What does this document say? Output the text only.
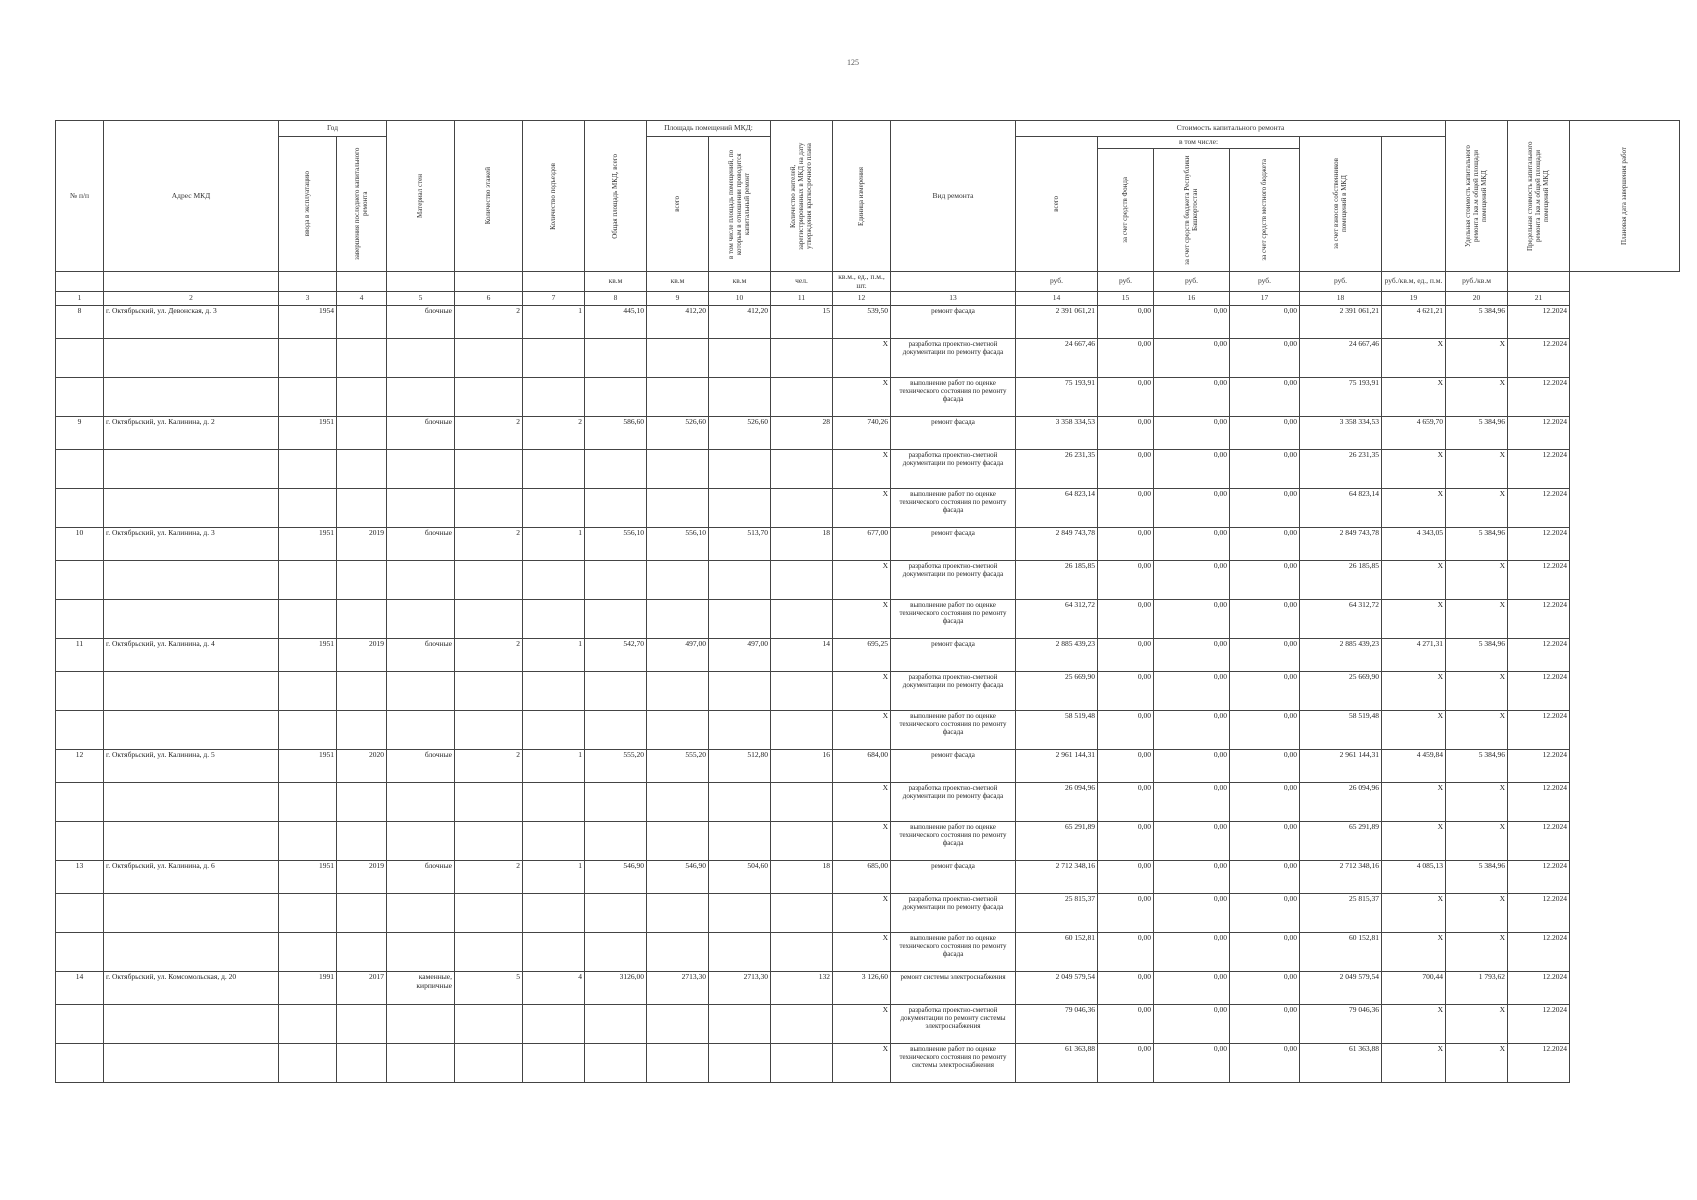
125
№ п/п	Адрес МКД	Год		Материал стен	Количество этажей	Количество подъездов	Общая площадь МКД, всего	Площадь помещений МКД:		Количество жителей, зарегистрированных в МКД на дату утверждения краткосрочного плана	Единица измерения	Вид ремонта	Стоимость капитального ремонта						Удельная стоимость капитального ремонта 1кв.м общей площади помещений МКД	Предельная стоимость капитального ремонта 1кв.м общей площади помещений МКД	Плановая дата завершения работ

		ввода в эксплуатацию	завершения последнего капитального ремонта					всего	в том числе площадь помещений, по которым в отношении проводится капитальный ремонт				всего	в том числе:			за счет взносов собственников помещений в МКД				

														за счет средств Фонда	за счет средств бюджета Республики Башкортостан	за счет средств местного бюджета					

							кв.м	кв.м	кв.м	чел.	кв.м., ед., п.м., шт.		руб.	руб.	руб.	руб.	руб.	руб./кв.м, ед., п.м.	руб./кв.м		
1	2	3	4	5	6	7	8	9	10	11	12	13	14	15	16	17	18	19	20	21	
8	г. Октябрьский, ул. Девонская, д. 3	1954		блочные	2	1	445,10	412,20	412,20	15	539,50	ремонт фасада	2 391 061,21	0,00	0,00	0,00	2 391 061,21	4 621,21	5 384,96	12.2024	
											X	разработка проектно-сметной документации по ремонту фасада	24 667,46	0,00	0,00	0,00	24 667,46	X	X	12.2024	
											X	выполнение работ по оценке технического состояния по ремонту фасада	75 193,91	0,00	0,00	0,00	75 193,91	X	X	12.2024	
9	г. Октябрьский, ул. Калинина, д. 2	1951		блочные	2	2	586,60	526,60	526,60	28	740,26	ремонт фасада	3 358 334,53	0,00	0,00	0,00	3 358 334,53	4 659,70	5 384,96	12.2024	
											X	разработка проектно-сметной документации по ремонту фасада	26 231,35	0,00	0,00	0,00	26 231,35	X	X	12.2024	
											X	выполнение работ по оценке технического состояния по ремонту фасада	64 823,14	0,00	0,00	0,00	64 823,14	X	X	12.2024	
10	г. Октябрьский, ул. Калинина, д. 3	1951	2019	блочные	2	1	556,10	556,10	513,70	18	677,00	ремонт фасада	2 849 743,78	0,00	0,00	0,00	2 849 743,78	4 343,05	5 384,96	12.2024	
											X	разработка проектно-сметной документации по ремонту фасада	26 185,85	0,00	0,00	0,00	26 185,85	X	X	12.2024	
											X	выполнение работ по оценке технического состояния по ремонту фасада	64 312,72	0,00	0,00	0,00	64 312,72	X	X	12.2024	
11	г. Октябрьский, ул. Калинина, д. 4	1951	2019	блочные	2	1	542,70	497,00	497,00	14	695,25	ремонт фасада	2 885 439,23	0,00	0,00	0,00	2 885 439,23	4 271,31	5 384,96	12.2024	
											X	разработка проектно-сметной документации по ремонту фасада	25 669,90	0,00	0,00	0,00	25 669,90	X	X	12.2024	
											X	выполнение работ по оценке технического состояния по ремонту фасада	58 519,48	0,00	0,00	0,00	58 519,48	X	X	12.2024	
12	г. Октябрьский, ул. Калинина, д. 5	1951	2020	блочные	2	1	555,20	555,20	512,80	16	684,00	ремонт фасада	2 961 144,31	0,00	0,00	0,00	2 961 144,31	4 459,84	5 384,96	12.2024	
											X	разработка проектно-сметной документации по ремонту фасада	26 094,96	0,00	0,00	0,00	26 094,96	X	X	12.2024	
											X	выполнение работ по оценке технического состояния по ремонту фасада	65 291,89	0,00	0,00	0,00	65 291,89	X	X	12.2024	
13	г. Октябрьский, ул. Калинина, д. 6	1951	2019	блочные	2	1	546,90	546,90	504,60	18	685,00	ремонт фасада	2 712 348,16	0,00	0,00	0,00	2 712 348,16	4 085,13	5 384,96	12.2024	
											X	разработка проектно-сметной документации по ремонту фасада	25 815,37	0,00	0,00	0,00	25 815,37	X	X	12.2024	
											X	выполнение работ по оценке технического состояния по ремонту фасада	60 152,81	0,00	0,00	0,00	60 152,81	X	X	12.2024	
14	г. Октябрьский, ул. Комсомольская, д. 20	1991	2017	каменные, кирпичные	5	4	3126,00	2713,30	2713,30	132	3 126,60	ремонт системы электроснабжения	2 049 579,54	0,00	0,00	0,00	2 049 579,54	700,44	1 793,62	12.2024	
											X	разработка проектно-сметной документации по ремонту системы электроснабжения	79 046,36	0,00	0,00	0,00	79 046,36	X	X	12.2024	
											X	выполнение работ по оценке технического состояния по ремонту системы электроснабжения	61 363,88	0,00	0,00	0,00	61 363,88	X	X	12.2024	
